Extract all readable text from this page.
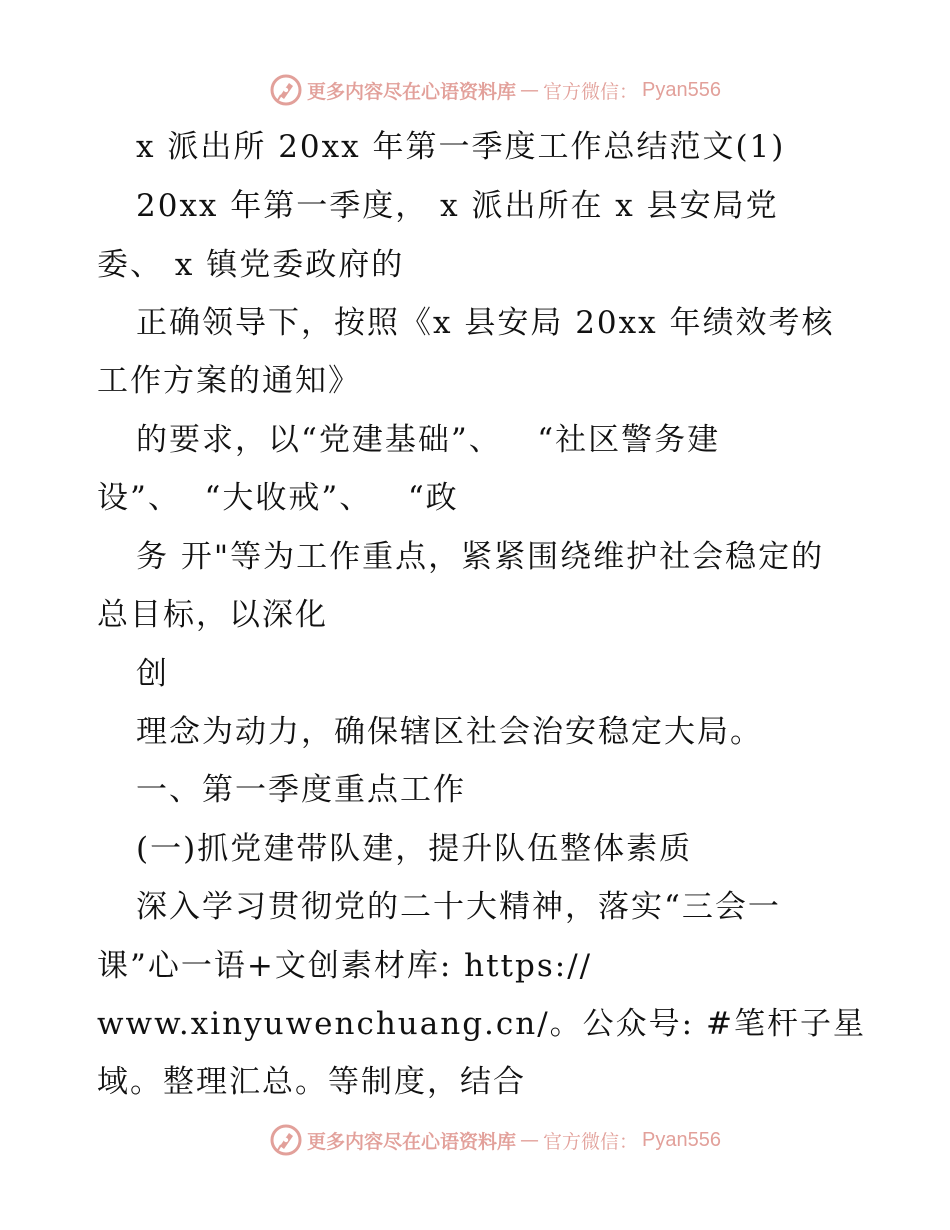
更多内容尽在心语资料库 — 官方微信： Pyan556
x 派出所 20xx 年第一季度工作总结范文(1)
20xx 年第一季度， x 派出所在 x 县安局党
委、 x 镇党委政府的
正确领导下，按照《x 县安局 20xx 年绩效考核
工作方案的通知》
的要求，以“党建基础”、   “社区警务建
设”、  “大收戒”、   “政
务 开"等为工作重点，紧紧围绕维护社会稳定的
总目标，以深化
创
理念为动力，确保辖区社会治安稳定大局。
一、第一季度重点工作
(一)抓党建带队建，提升队伍整体素质
深入学习贯彻党的二十大精神，落实“三会一
课”心一语+文创素材库: https://
www.xinyuwenchuang.cn/。公众号: #笔杆子星
域。整理汇总。等制度，结合
更多内容尽在心语资料库 — 官方微信： Pyan556
